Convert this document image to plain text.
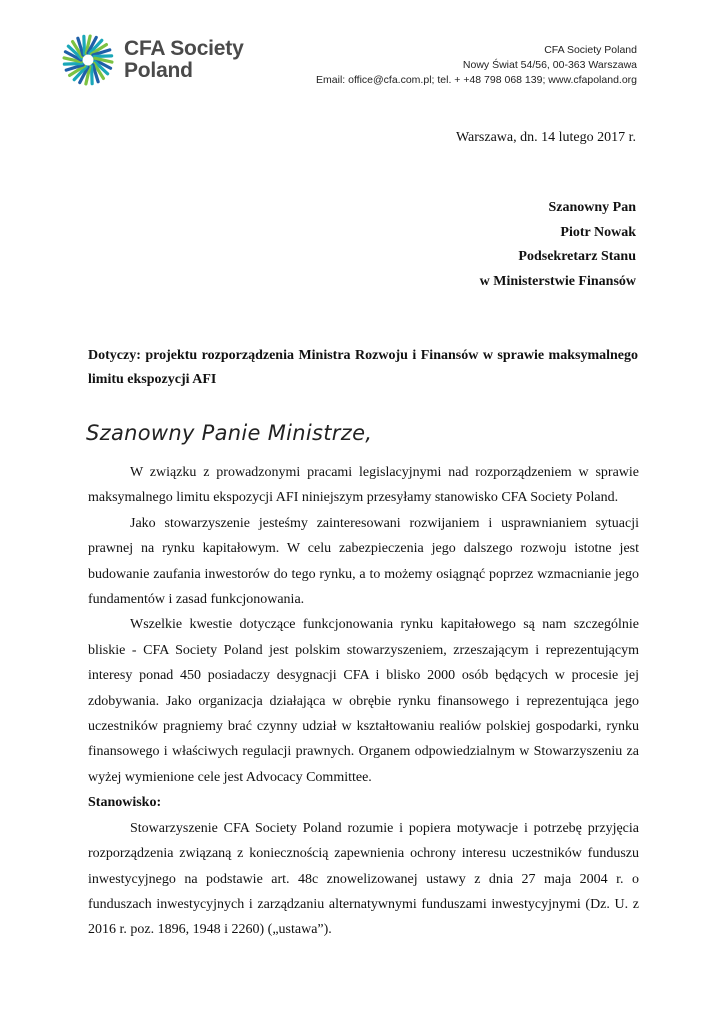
CFA Society
Poland
CFA Society Poland
Nowy Świat 54/56, 00-363 Warszawa
Email: office@cfa.com.pl; tel. + +48 798 068 139; www.cfapoland.org
Warszawa, dn. 14 lutego 2017 r.
Szanowny Pan
Piotr Nowak
Podsekretarz Stanu
w Ministerstwie Finansów
Dotyczy: projektu rozporządzenia Ministra Rozwoju i Finansów w sprawie maksymalnego limitu ekspozycji AFI
Szanowny Panie Ministrze,

W związku z prowadzonymi pracami legislacyjnymi nad rozporządzeniem w sprawie maksymalnego limitu ekspozycji AFI niniejszym przesyłamy stanowisko CFA Society Poland.

Jako stowarzyszenie jesteśmy zainteresowani rozwijaniem i usprawnianiem sytuacji prawnej na rynku kapitałowym. W celu zabezpieczenia jego dalszego rozwoju istotne jest budowanie zaufania inwestorów do tego rynku, a to możemy osiągnąć poprzez wzmacnianie jego fundamentów i zasad funkcjonowania.

Wszelkie kwestie dotyczące funkcjonowania rynku kapitałowego są nam szczególnie bliskie - CFA Society Poland jest polskim stowarzyszeniem, zrzeszającym i reprezentującym interesy ponad 450 posiadaczy desygnacji CFA i blisko 2000 osób będących w procesie jej zdobywania. Jako organizacja działająca w obrębie rynku finansowego i reprezentująca jego uczestników pragniemy brać czynny udział w kształtowaniu realiów polskiej gospodarki, rynku finansowego i właściwych regulacji prawnych. Organem odpowiedzialnym w Stowarzyszeniu za wyżej wymienione cele jest Advocacy Committee.

Stanowisko:

Stowarzyszenie CFA Society Poland rozumie i popiera motywacje i potrzebę przyjęcia rozporządzenia związaną z koniecznością zapewnienia ochrony interesu uczestników funduszu inwestycyjnego na podstawie art. 48c znowelizowanej ustawy z dnia 27 maja 2004 r. o funduszach inwestycyjnych i zarządzaniu alternatywnymi funduszami inwestycyjnymi (Dz. U. z 2016 r. poz. 1896, 1948 i 2260) („ustawa”).
